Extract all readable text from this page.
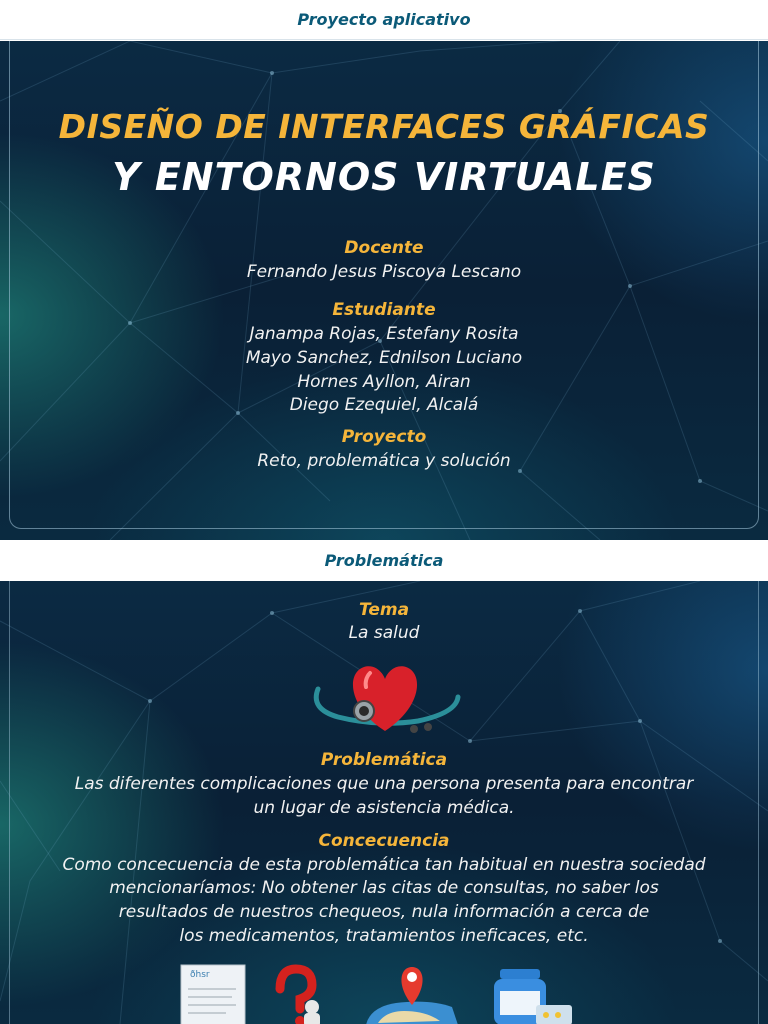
Proyecto aplicativo
DISEÑO DE INTERFACES GRÁFICAS
Y ENTORNOS VIRTUALES
Docente
Fernando Jesus Piscoya Lescano
Estudiante
Janampa Rojas, Estefany Rosita
Mayo Sanchez, Ednilson Luciano
Hornes Ayllon, Airan
Diego Ezequiel, Alcalá
Proyecto
Reto, problemática y solución
Problemática
Tema
La salud
Problemática
Las diferentes complicaciones que una persona presenta para encontrar
un lugar de asistencia médica.
Concecuencia
Como concecuencia de esta problemática tan habitual en nuestra sociedad
mencionaríamos: No obtener las citas de consultas, no saber los
resultados de nuestros chequeos, nula información a cerca de
los medicamentos, tratamientos ineficaces, etc.
ðhsr
